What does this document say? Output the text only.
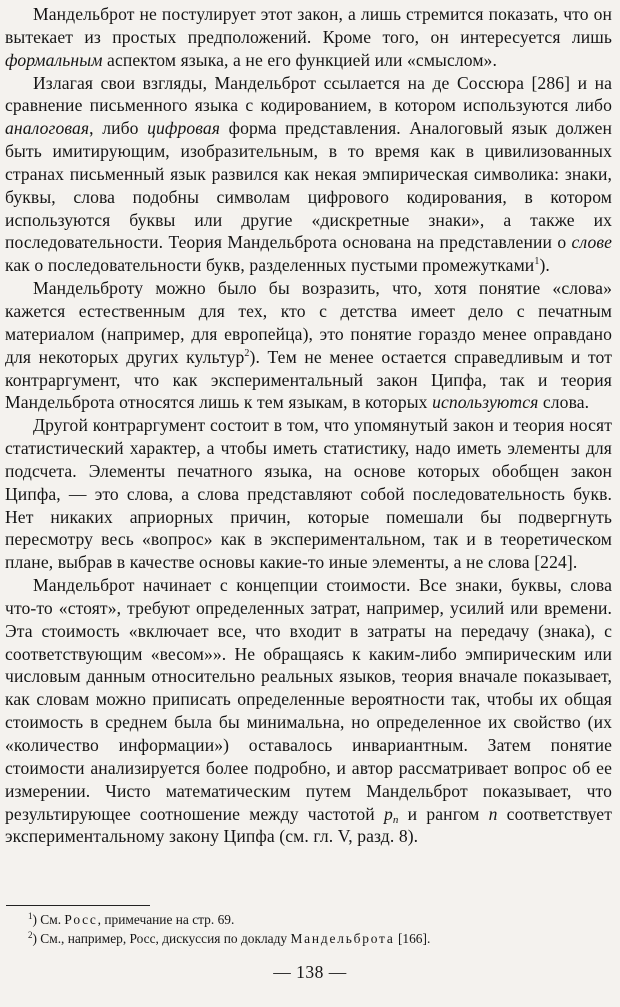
Мандельброт не постулирует этот закон, а лишь стремится показать, что он вытекает из простых предположений. Кроме того, он интересуется лишь формальным аспектом языка, а не его функцией или «смыслом».

Излагая свои взгляды, Мандельброт ссылается на де Соссюра [286] и на сравнение письменного языка с кодированием, в котором используются либо аналоговая, либо цифровая форма представления. Аналоговый язык должен быть имитирующим, изобразительным, в то время как в цивилизованных странах письменный язык развился как некая эмпирическая символика: знаки, буквы, слова подобны символам цифрового кодирования, в котором используются буквы или другие «дискретные знаки», а также их последовательности. Теория Мандельброта основана на представлении о слове как о последовательности букв, разделенных пустыми промежутками$^1$).

Мандельброту можно было бы возразить, что, хотя понятие «слова» кажется естественным для тех, кто с детства имеет дело с печатным материалом (например, для европейца), это понятие гораздо менее оправдано для некоторых других культур$^2$). Тем не менее остается справедливым и тот контраргумент, что как экспериментальный закон Ципфа, так и теория Мандельброта относятся лишь к тем языкам, в которых используются слова.

Другой контраргумент состоит в том, что упомянутый закон и теория носят статистический характер, а чтобы иметь статистику, надо иметь элементы для подсчета. Элементы печатного языка, на основе которых обобщен закон Ципфа, — это слова, а слова представляют собой последовательность букв. Нет никаких априорных причин, которые помешали бы подвергнуть пересмотру весь «вопрос» как в экспериментальном, так и в теоретическом плане, выбрав в качестве основы какие-то иные элементы, а не слова [224].

Мандельброт начинает с концепции стоимости. Все знаки, буквы, слова что-то «стоят», требуют определенных затрат, например, усилий или времени. Эта стоимость «включает все, что входит в затраты на передачу (знака), с соответствующим «весом»». Не обращаясь к каким-либо эмпирическим или числовым данным относительно реальных языков, теория вначале показывает, как словам можно приписать определенные вероятности так, чтобы их общая стоимость в среднем была бы минимальна, но определенное их свойство (их «количество информации») оставалось инвариантным. Затем понятие стоимости анализируется более подробно, и автор рассматривает вопрос об ее измерении. Чисто математическим путем Мандельброт показывает, что результирующее соотношение между частотой $p_n$ и рангом n соответствует экспериментальному закону Ципфа (см. гл. V, разд. 8).

$^1$) См. Росс, примечание на стр. 69.
$^2$) См., например, Росс, дискуссия по докладу Мандельброта [166].
— 138 —
